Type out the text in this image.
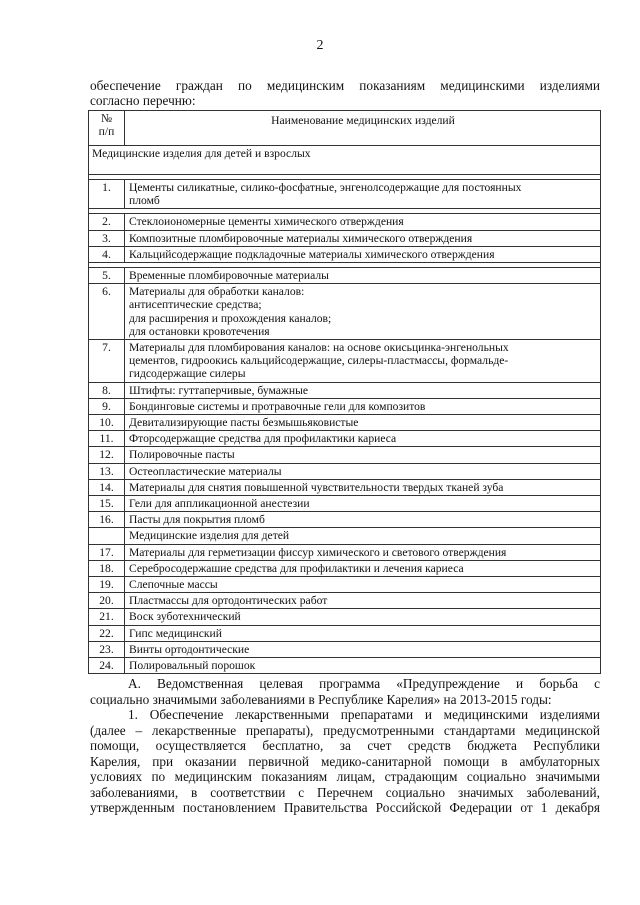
2
обеспечение граждан по медицинским показаниям медицинскими изделиями
согласно перечню:
№
п/п	Наименование медицинских изделий
Медицинские изделия для детей и взрослых	

1.	Цементы силикатные, силико-фосфатные, энгенолсодержащие для постоянных
пломб

2.	Стеклоиономерные цементы химического отверждения

3.	Композитные пломбировочные материалы химического отверждения

4.	Кальцийсодержащие подкладочные материалы химического отверждения

5.	Временные пломбировочные материалы

6.	Материалы для обработки каналов:
антисептические средства;
для расширения и прохождения каналов;
для остановки кровотечения

7.	Материалы для пломбирования каналов: на основе окисьцинка-энгенольных
цементов, гидроокись кальцийсодержащие, силеры-пластмассы, формальде-
гидсодержащие силеры

8.	Штифты: гуттаперчивые, бумажные

9.	Бондинговые системы и протравочные гели для композитов

10.	Девитализирующие пасты безмышьяковистые

11.	Фторсодержащие средства для профилактики кариеса

12.	Полировочные пасты

13.	Остеопластические материалы

14.	Материалы для снятия повышенной чувствительности твердых тканей зуба

15.	Гели для аппликационной анестезии

16.	Пасты для покрытия пломб

	Медицинские изделия для детей
17.	Материалы для герметизации фиссур химического и светового отверждения

18.	Серебросодержашие средства для профилактики и лечения кариеса

19.	Слепочные массы

20.	Пластмассы для ортодонтических работ

21.	Воск зуботехнический

22.	Гипс медицинский

23.	Винты ортодонтические

24.	Полировальный порошок

А. Ведомственная целевая программа «Предупреждение и борьба с

социально значимыми заболеваниями в Республике Карелия» на 2013-2015 годы:

1. Обеспечение лекарственными препаратами и медицинскими изделиями

(далее – лекарственные препараты), предусмотренными стандартами медицинской

помощи, осуществляется бесплатно, за счет средств бюджета Республики

Карелия, при оказании первичной медико-санитарной помощи в амбулаторных

условиях по медицинским показаниям лицам, страдающим социально значимыми

заболеваниями, в соответствии с Перечнем социально значимых заболеваний,

утвержденным постановлением Правительства Российской Федерации от 1 декабря
